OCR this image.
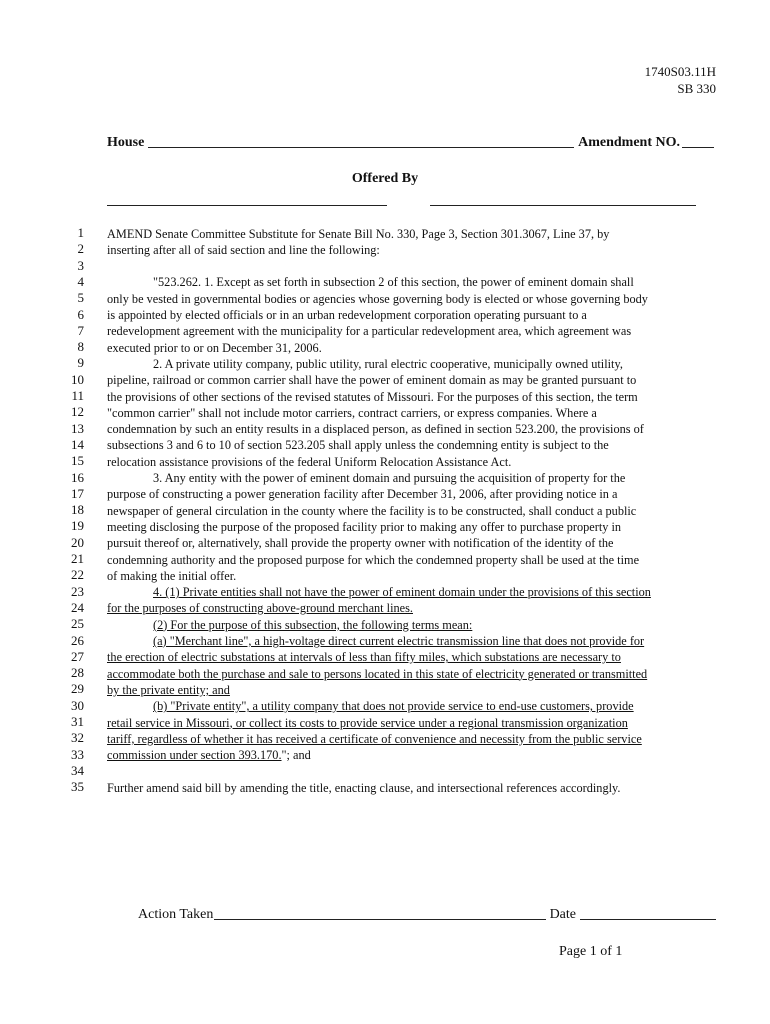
1740S03.11H
SB 330
House	Amendment NO.
Offered By
1 AMEND Senate Committee Substitute for Senate Bill No. 330, Page 3, Section 301.3067, Line 37, by
2 inserting after all of said section and line the following:
3
4	"523.262. 1. Except as set forth in subsection 2 of this section, the power of eminent domain shall
5 only be vested in governmental bodies or agencies whose governing body is elected or whose governing body
6 is appointed by elected officials or in an urban redevelopment corporation operating pursuant to a
7 redevelopment agreement with the municipality for a particular redevelopment area, which agreement was
8 executed prior to or on December 31, 2006.
9	2. A private utility company, public utility, rural electric cooperative, municipally owned utility,
10 pipeline, railroad or common carrier shall have the power of eminent domain as may be granted pursuant to
11 the provisions of other sections of the revised statutes of Missouri. For the purposes of this section, the term
12 "common carrier" shall not include motor carriers, contract carriers, or express companies. Where a
13 condemnation by such an entity results in a displaced person, as defined in section 523.200, the provisions of
14 subsections 3 and 6 to 10 of section 523.205 shall apply unless the condemning entity is subject to the
15 relocation assistance provisions of the federal Uniform Relocation Assistance Act.
16	3. Any entity with the power of eminent domain and pursuing the acquisition of property for the
17 purpose of constructing a power generation facility after December 31, 2006, after providing notice in a
18 newspaper of general circulation in the county where the facility is to be constructed, shall conduct a public
19 meeting disclosing the purpose of the proposed facility prior to making any offer to purchase property in
20 pursuit thereof or, alternatively, shall provide the property owner with notification of the identity of the
21 condemning authority and the proposed purpose for which the condemned property shall be used at the time
22 of making the initial offer.
23	4. (1) Private entities shall not have the power of eminent domain under the provisions of this section
24 for the purposes of constructing above-ground merchant lines.
25	(2) For the purpose of this subsection, the following terms mean:
26	(a) "Merchant line", a high-voltage direct current electric transmission line that does not provide for
27 the erection of electric substations at intervals of less than fifty miles, which substations are necessary to
28 accommodate both the purchase and sale to persons located in this state of electricity generated or transmitted
29 by the private entity; and
30	(b) "Private entity", a utility company that does not provide service to end-use customers, provide
31 retail service in Missouri, or collect its costs to provide service under a regional transmission organization
32 tariff, regardless of whether it has received a certificate of convenience and necessity from the public service
33 commission under section 393.170."; and
34
35 Further amend said bill by amending the title, enacting clause, and intersectional references accordingly.
Action Taken	Date
Page 1 of 1
